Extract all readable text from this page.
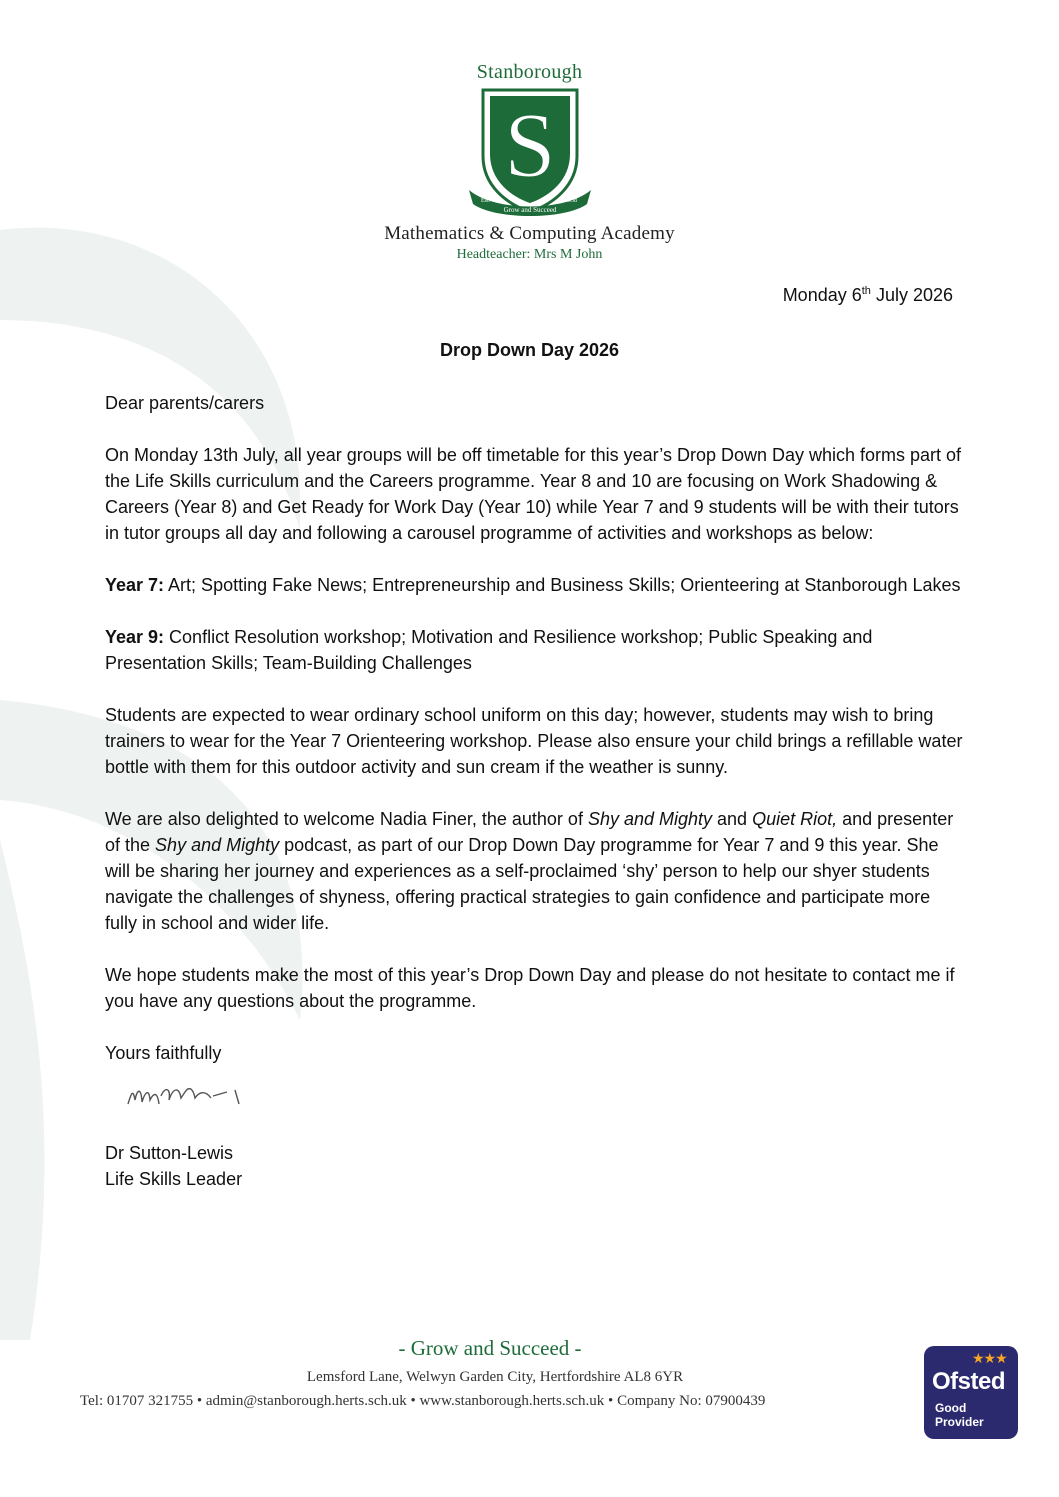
Stanborough
S
Est.
Grow and Succeed
1958
Mathematics & Computing Academy
Headteacher: Mrs M John
Monday 6th July 2026
Drop Down Day 2026

Dear parents/carers

On Monday 13th July, all year groups will be off timetable for this year’s Drop Down Day which forms part of the Life Skills curriculum and the Careers programme. Year 8 and 10 are focusing on Work Shadowing & Careers (Year 8) and Get Ready for Work Day (Year 10) while Year 7 and 9 students will be with their tutors in tutor groups all day and following a carousel programme of activities and workshops as below:

Year 7: Art; Spotting Fake News; Entrepreneurship and Business Skills; Orienteering at Stanborough Lakes

Year 9: Conflict Resolution workshop; Motivation and Resilience workshop; Public Speaking and Presentation Skills; Team-Building Challenges

Students are expected to wear ordinary school uniform on this day; however, students may wish to bring trainers to wear for the Year 7 Orienteering workshop. Please also ensure your child brings a refillable water bottle with them for this outdoor activity and sun cream if the weather is sunny.

We are also delighted to welcome Nadia Finer, the author of Shy and Mighty and Quiet Riot, and presenter of the Shy and Mighty podcast, as part of our Drop Down Day programme for Year 7 and 9 this year. She will be sharing her journey and experiences as a self-proclaimed ‘shy’ person to help our shyer students navigate the challenges of shyness, offering practical strategies to gain confidence and participate more fully in school and wider life.

We hope students make the most of this year’s Drop Down Day and please do not hesitate to contact me if you have any questions about the programme.

Yours faithfully

Dr Sutton-Lewis

Life Skills Leader

- Grow and Succeed -
Lemsford Lane, Welwyn Garden City, Hertfordshire AL8 6YR
Tel: 01707 321755 • admin@stanborough.herts.sch.uk • www.stanborough.herts.sch.uk • Company No: 07900439
★★★
Ofsted
Good
Provider
